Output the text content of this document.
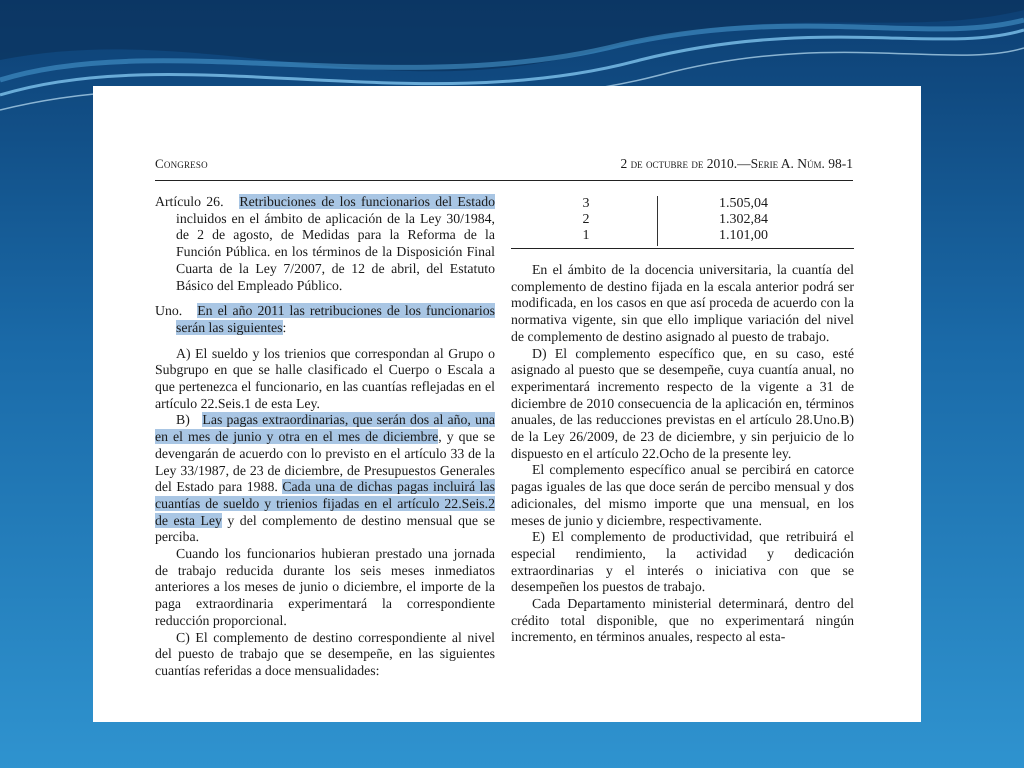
Congreso	2 de octubre de 2010.—Serie A. Núm. 98-1

Artículo 26. Retribuciones de los funcionarios del Estado incluidos en el ámbito de aplicación de la Ley 30/1984, de 2 de agosto, de Medidas para la Reforma de la Función Pública. en los términos de la Disposición Final Cuarta de la Ley 7/2007, de 12 de abril, del Estatuto Básico del Empleado Público.

Uno. En el año 2011 las retribuciones de los funcionarios serán las siguientes:

A) El sueldo y los trienios que correspondan al Grupo o Subgrupo en que se halle clasificado el Cuerpo o Escala a que pertenezca el funcionario, en las cuantías reflejadas en el artículo 22.Seis.1 de esta Ley.

B) Las pagas extraordinarias, que serán dos al año, una en el mes de junio y otra en el mes de diciembre, y que se devengarán de acuerdo con lo previsto en el artículo 33 de la Ley 33/1987, de 23 de diciembre, de Presupuestos Generales del Estado para 1988. Cada una de dichas pagas incluirá las cuantías de sueldo y trienios fijadas en el artículo 22.Seis.2 de esta Ley y del complemento de destino mensual que se perciba.

Cuando los funcionarios hubieran prestado una jornada de trabajo reducida durante los seis meses inmediatos anteriores a los meses de junio o diciembre, el importe de la paga extraordinaria experimentará la correspondiente reducción proporcional.

C) El complemento de destino correspondiente al nivel del puesto de trabajo que se desempeñe, en las siguientes cuantías referidas a doce mensualidades:

3	1.505,04
2	1.302,84
1	1.101,00

En el ámbito de la docencia universitaria, la cuantía del complemento de destino fijada en la escala anterior podrá ser modificada, en los casos en que así proceda de acuerdo con la normativa vigente, sin que ello implique variación del nivel de complemento de destino asignado al puesto de trabajo.

D) El complemento específico que, en su caso, esté asignado al puesto que se desempeñe, cuya cuantía anual, no experimentará incremento respecto de la vigente a 31 de diciembre de 2010 consecuencia de la aplicación en, términos anuales, de las reducciones previstas en el artículo 28.Uno.B) de la Ley 26/2009, de 23 de diciembre, y sin perjuicio de lo dispuesto en el artículo 22.Ocho de la presente ley.

El complemento específico anual se percibirá en catorce pagas iguales de las que doce serán de percibo mensual y dos adicionales, del mismo importe que una mensual, en los meses de junio y diciembre, respectivamente.

E) El complemento de productividad, que retribuirá el especial rendimiento, la actividad y dedicación extraordinarias y el interés o iniciativa con que se desempeñen los puestos de trabajo.

Cada Departamento ministerial determinará, dentro del crédito total disponible, que no experimentará ningún incremento, en términos anuales, respecto al esta-
